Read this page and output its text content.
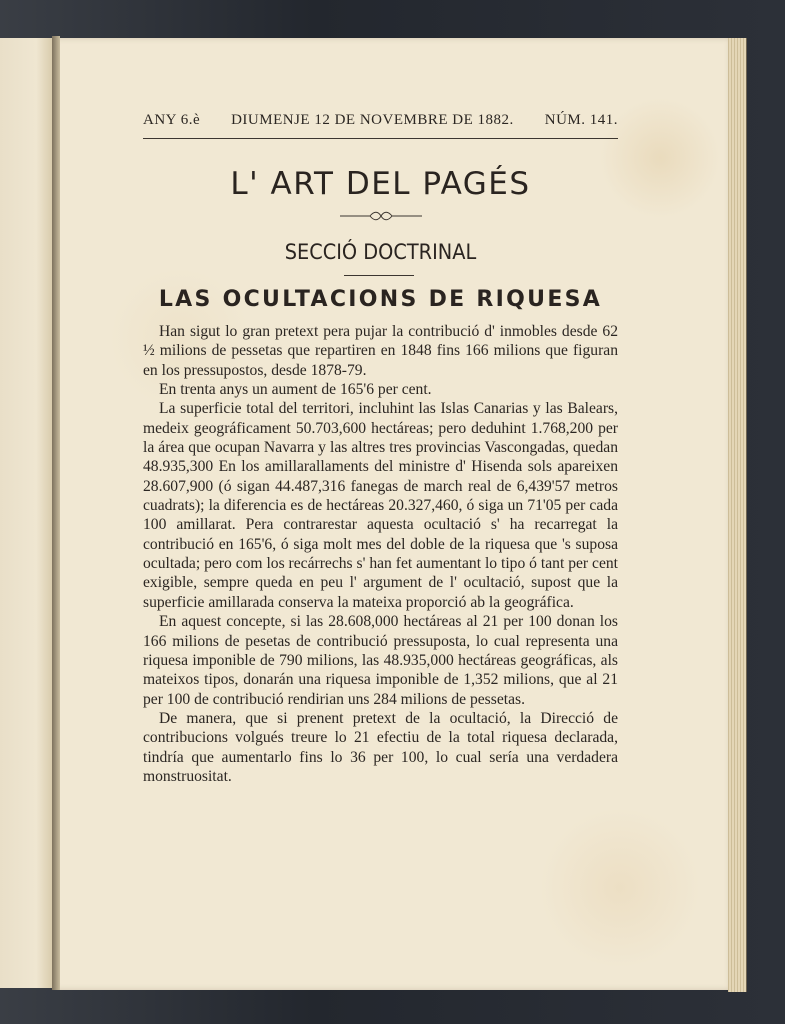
ANY 6.è DIUMENJE 12 DE NOVEMBRE DE 1882. NÚM. 141.
L' ART DEL PAGÉS
SECCIÓ DOCTRINAL
LAS OCULTACIONS DE RIQUESA

Han sigut lo gran pretext pera pujar la contribució d' inmobles desde 62 ½ milions de pessetas que repartiren en 1848 fins 166 milions que figuran en los pressupostos, desde 1878-79.

En trenta anys un aument de 165'6 per cent.

La superficie total del territori, incluhint las Islas Canarias y las Balears, medeix geográficament 50.703,600 hectáreas; pero deduhint 1.768,200 per la área que ocupan Navarra y las altres tres provincias Vascongadas, quedan 48.935,300 En los amillarallaments del ministre d' Hisenda sols apareixen 28.607,900 (ó sigan 44.487,316 fanegas de march real de 6,439'57 metros cuadrats); la diferencia es de hectáreas 20.327,460, ó siga un 71'05 per cada 100 amillarat. Pera contrarestar aquesta ocultació s' ha recarregat la contribució en 165'6, ó siga molt mes del doble de la riquesa que 's suposa ocultada; pero com los recárrechs s' han fet aumentant lo tipo ó tant per cent exigible, sempre queda en peu l' argument de l' ocultació, supost que la superficie amillarada conserva la mateixa proporció ab la geográfica.

En aquest concepte, si las 28.608,000 hectáreas al 21 per 100 donan los 166 milions de pesetas de contribució pressuposta, lo cual representa una riquesa imponible de 790 milions, las 48.935,000 hectáreas geográficas, als mateixos tipos, donarán una riquesa imponible de 1,352 milions, que al 21 per 100 de contribució rendirian uns 284 milions de pessetas.

De manera, que si prenent pretext de la ocultació, la Direcció de contribucions volgués treure lo 21 efectiu de la total riquesa declarada, tindría que aumentarlo fins lo 36 per 100, lo cual sería una verdadera monstruositat.
